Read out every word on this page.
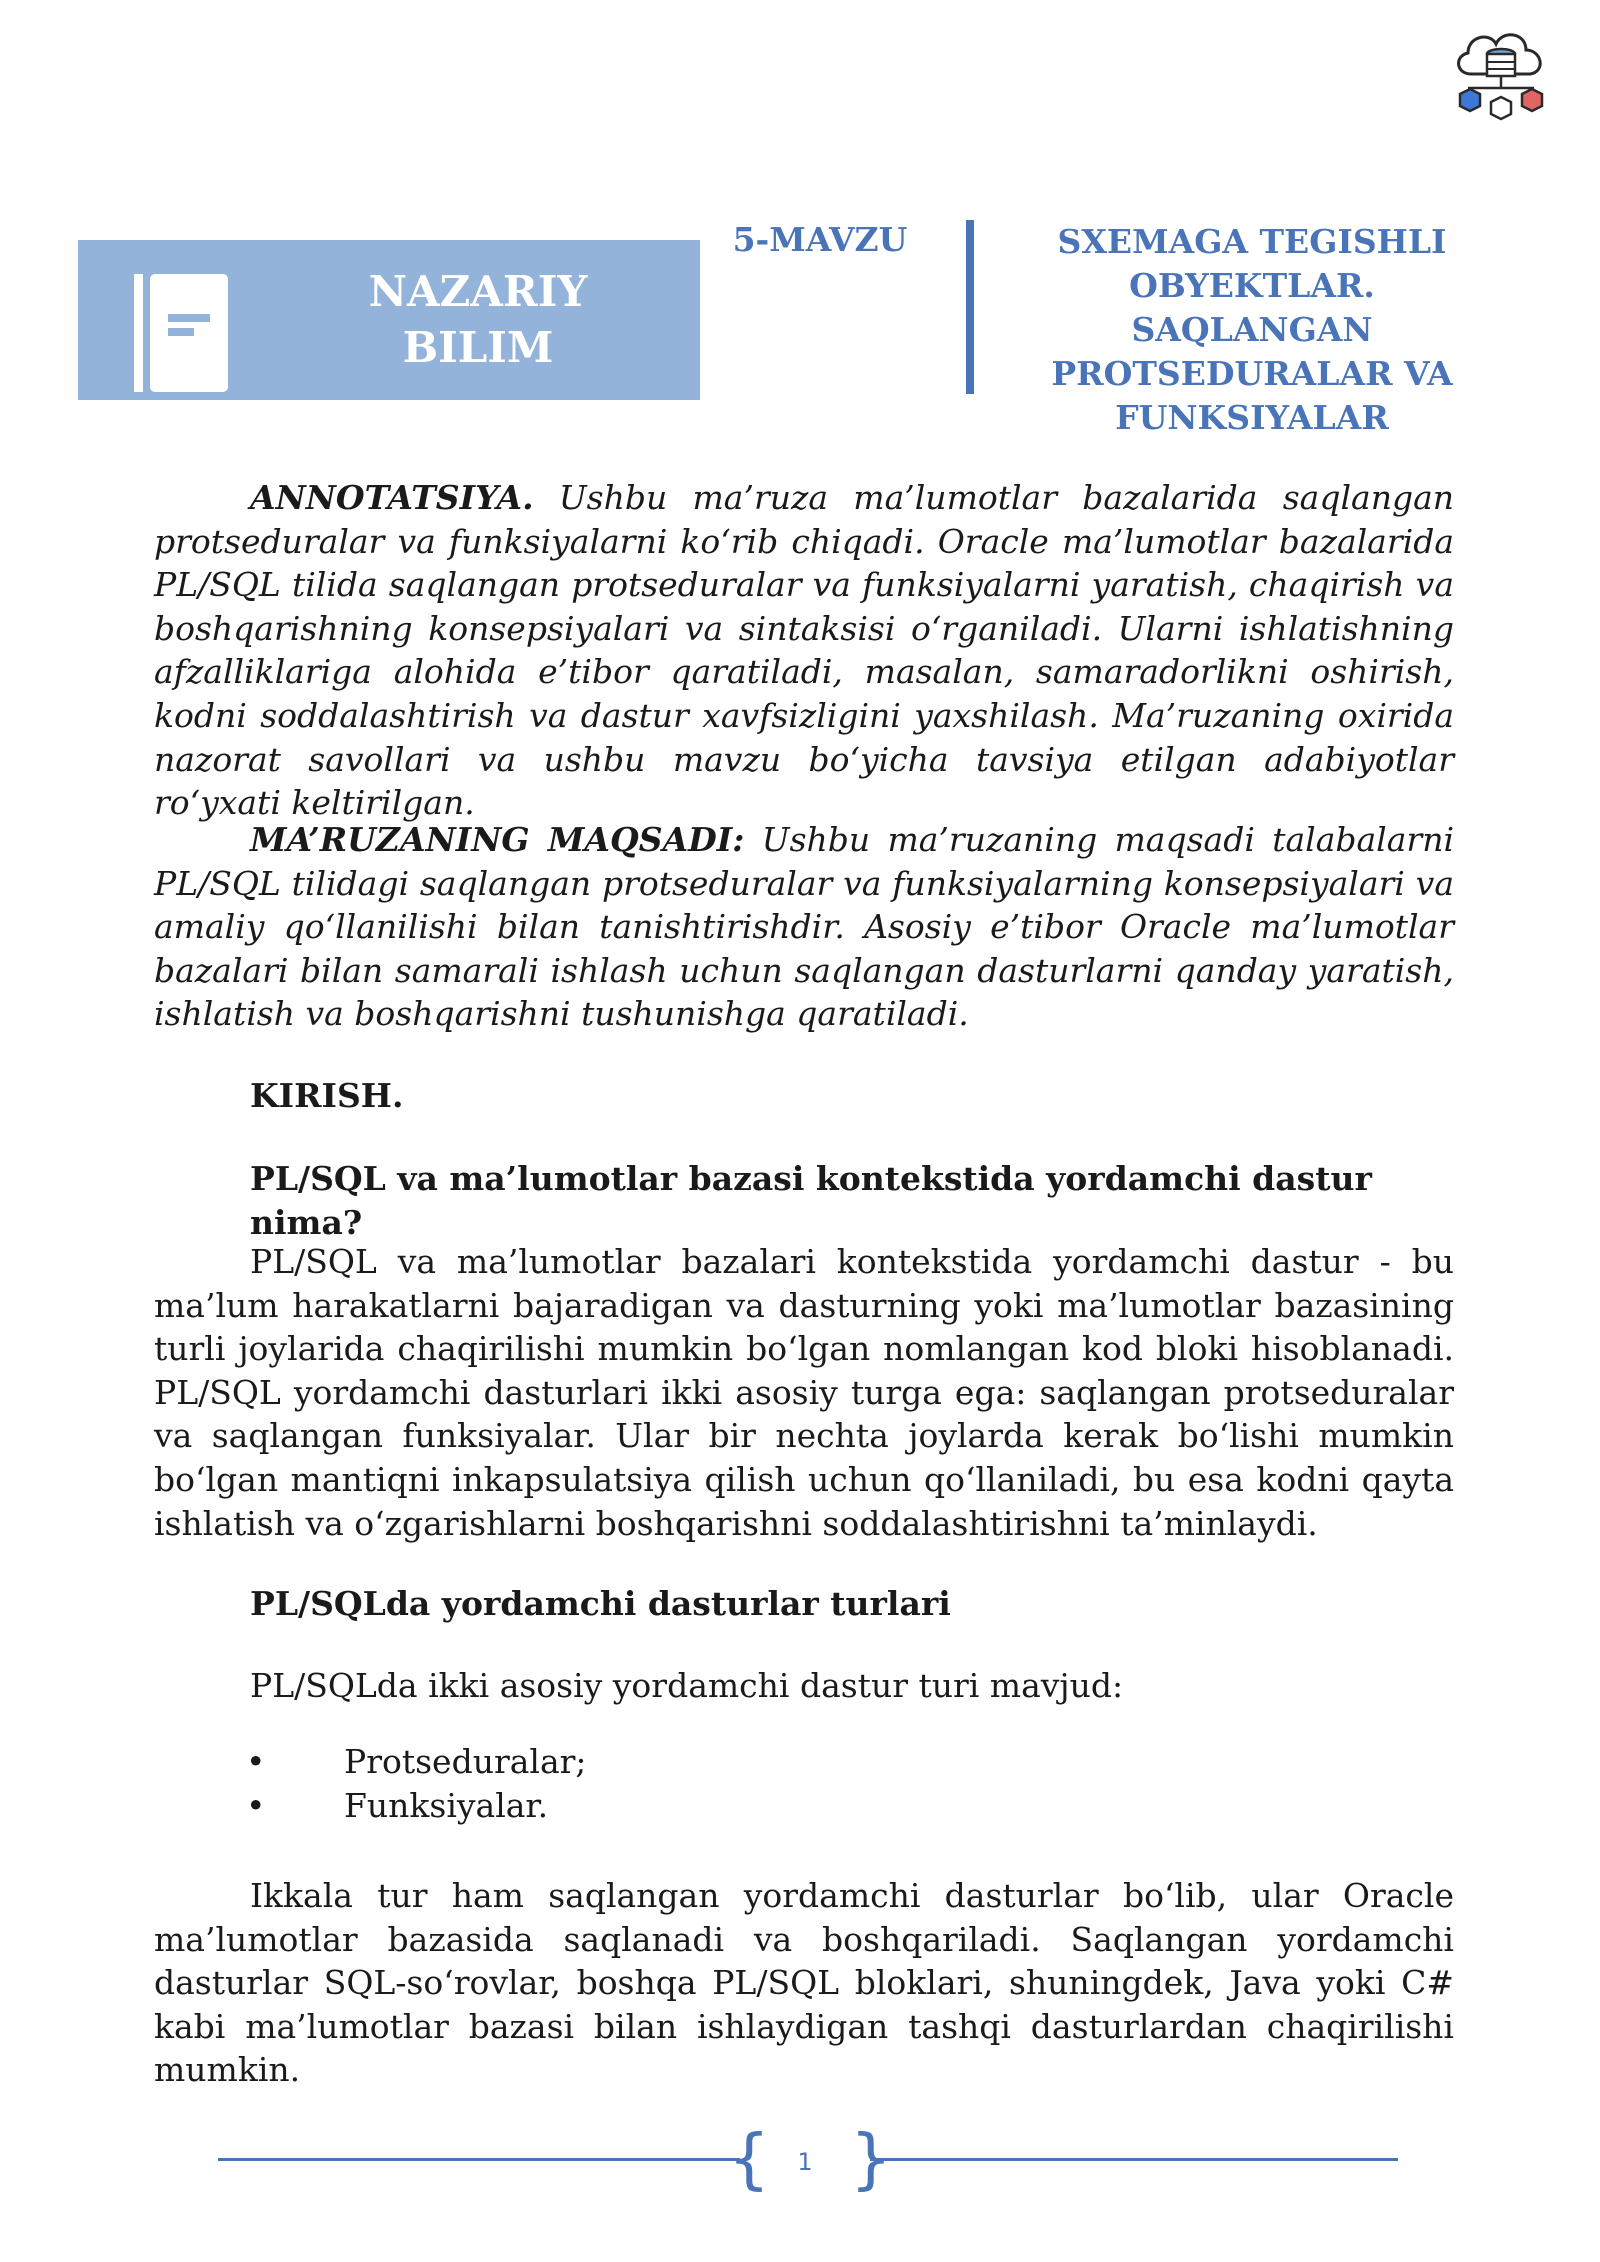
NAZARIY
BILIM
5-MAVZU	SXEMAGA TEGISHLI
OBYEKTLAR. SAQLANGAN
PROTSEDURALAR VA
FUNKSIYALAR
ANNOTATSIYA. Ushbu ma’ruza ma’lumotlar bazalarida saqlangan protseduralar va funksiyalarni koʻrib chiqadi. Oracle ma’lumotlar bazalarida PL/SQL tilida saqlangan protseduralar va funksiyalarni yaratish, chaqirish va boshqarishning konsepsiyalari va sintaksisi oʻrganiladi. Ularni ishlatishning afzalliklariga alohida e’tibor qaratiladi, masalan, samaradorlikni oshirish, kodni soddalashtirish va dastur xavfsizligini yaxshilash. Ma’ruzaning oxirida nazorat savollari va ushbu mavzu boʻyicha tavsiya etilgan adabiyotlar roʻyxati keltirilgan.
MA’RUZANING MAQSADI: Ushbu ma’ruzaning maqsadi talabalarni PL/SQL tilidagi saqlangan protseduralar va funksiyalarning konsepsiyalari va amaliy qoʻllanilishi bilan tanishtirishdir. Asosiy e’tibor Oracle ma’lumotlar bazalari bilan samarali ishlash uchun saqlangan dasturlarni qanday yaratish, ishlatish va boshqarishni tushunishga qaratiladi.
KIRISH.
PL/SQL va ma’lumotlar bazasi kontekstida yordamchi dastur nima?
PL/SQL va ma’lumotlar bazalari kontekstida yordamchi dastur - bu ma’lum harakatlarni bajaradigan va dasturning yoki ma’lumotlar bazasining turli joylarida chaqirilishi mumkin boʻlgan nomlangan kod bloki hisoblanadi. PL/SQL yordamchi dasturlari ikki asosiy turga ega: saqlangan protseduralar va saqlangan funksiyalar. Ular bir nechta joylarda kerak boʻlishi mumkin boʻlgan mantiqni inkapsulatsiya qilish uchun qoʻllaniladi, bu esa kodni qayta ishlatish va oʻzgarishlarni boshqarishni soddalashtirishni ta’minlaydi.
PL/SQLda yordamchi dasturlar turlari
PL/SQLda ikki asosiy yordamchi dastur turi mavjud:
• Protseduralar;
• Funksiyalar.
Ikkala tur ham saqlangan yordamchi dasturlar boʻlib, ular Oracle ma’lumotlar bazasida saqlanadi va boshqariladi. Saqlangan yordamchi dasturlar SQL-soʻrovlar, boshqa PL/SQL bloklari, shuningdek, Java yoki C# kabi ma’lumotlar bazasi bilan ishlaydigan tashqi dasturlardan chaqirilishi mumkin.
{ }
1
